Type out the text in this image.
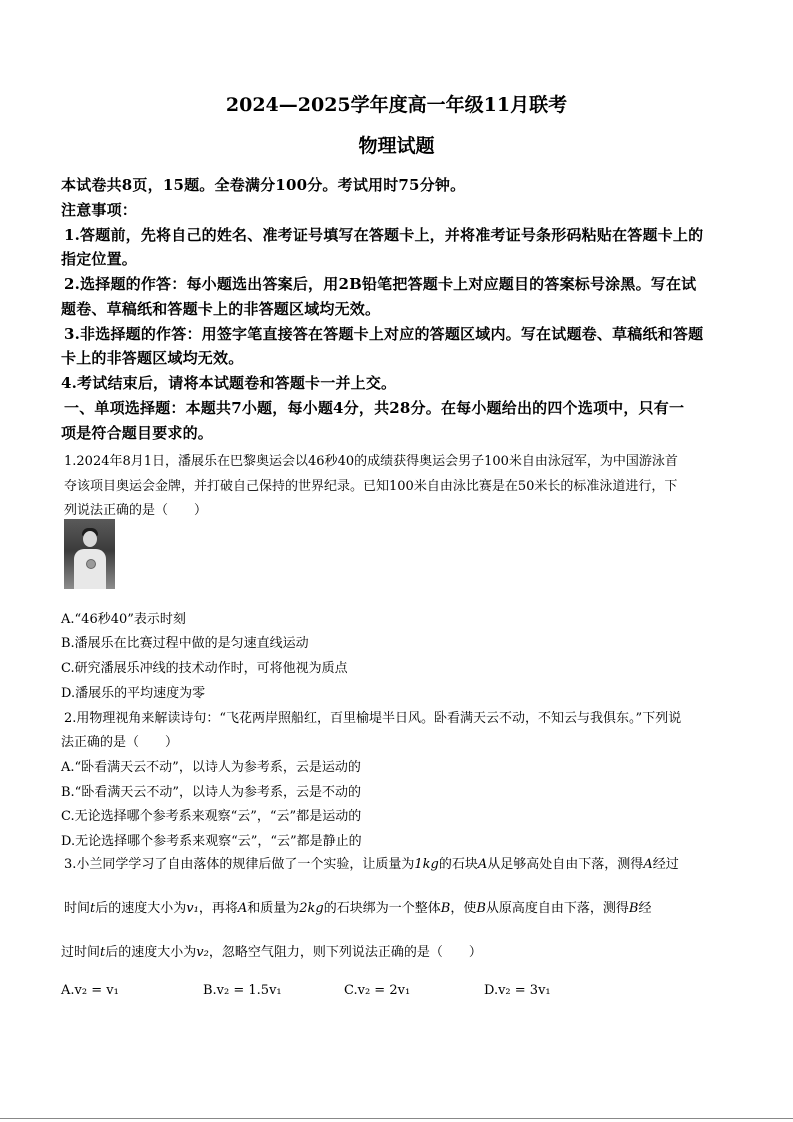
2024—2025学年度高一年级11月联考
物理试题
本试卷共8页，15题。全卷满分100分。考试用时75分钟。
注意事项：
1.答题前，先将自己的姓名、准考证号填写在答题卡上，并将准考证号条形码粘贴在答题卡上的
指定位置。
2.选择题的作答：每小题选出答案后，用2B铅笔把答题卡上对应题目的答案标号涂黑。写在试
题卷、草稿纸和答题卡上的非答题区域均无效。
3.非选择题的作答：用签字笔直接答在答题卡上对应的答题区域内。写在试题卷、草稿纸和答题
卡上的非答题区域均无效。
4.考试结束后，请将本试题卷和答题卡一并上交。
一、单项选择题：本题共7小题，每小题4分，共28分。在每小题给出的四个选项中，只有一
项是符合题目要求的。
1.2024年8月1日，潘展乐在巴黎奥运会以46秒40的成绩获得奥运会男子100米自由泳冠军，为中国游泳首
夺该项目奥运会金牌，并打破自己保持的世界纪录。已知100米自由泳比赛是在50米长的标准泳道进行，下
列说法正确的是（　　）
A.“46秒40”表示时刻
B.潘展乐在比赛过程中做的是匀速直线运动
C.研究潘展乐冲线的技术动作时，可将他视为质点
D.潘展乐的平均速度为零
2.用物理视角来解读诗句：“飞花两岸照船红，百里榆堤半日风。卧看满天云不动，不知云与我俱东。”下列说
法正确的是（　　）
A.“卧看满天云不动”，以诗人为参考系，云是运动的
B.“卧看满天云不动”，以诗人为参考系，云是不动的
C.无论选择哪个参考系来观察“云”，“云”都是运动的
D.无论选择哪个参考系来观察“云”，“云”都是静止的
3.小兰同学学习了自由落体的规律后做了一个实验，让质量为1kg的石块A从足够高处自由下落，测得A经过
时间t后的速度大小为v₁，再将A和质量为2kg的石块绑为一个整体B，使B从原高度自由下落，测得B经
过时间t后的速度大小为v₂，忽略空气阻力，则下列说法正确的是（　　）
A.v₂ = v₁	B.v₂ = 1.5v₁	C.v₂ = 2v₁	D.v₂ = 3v₁
